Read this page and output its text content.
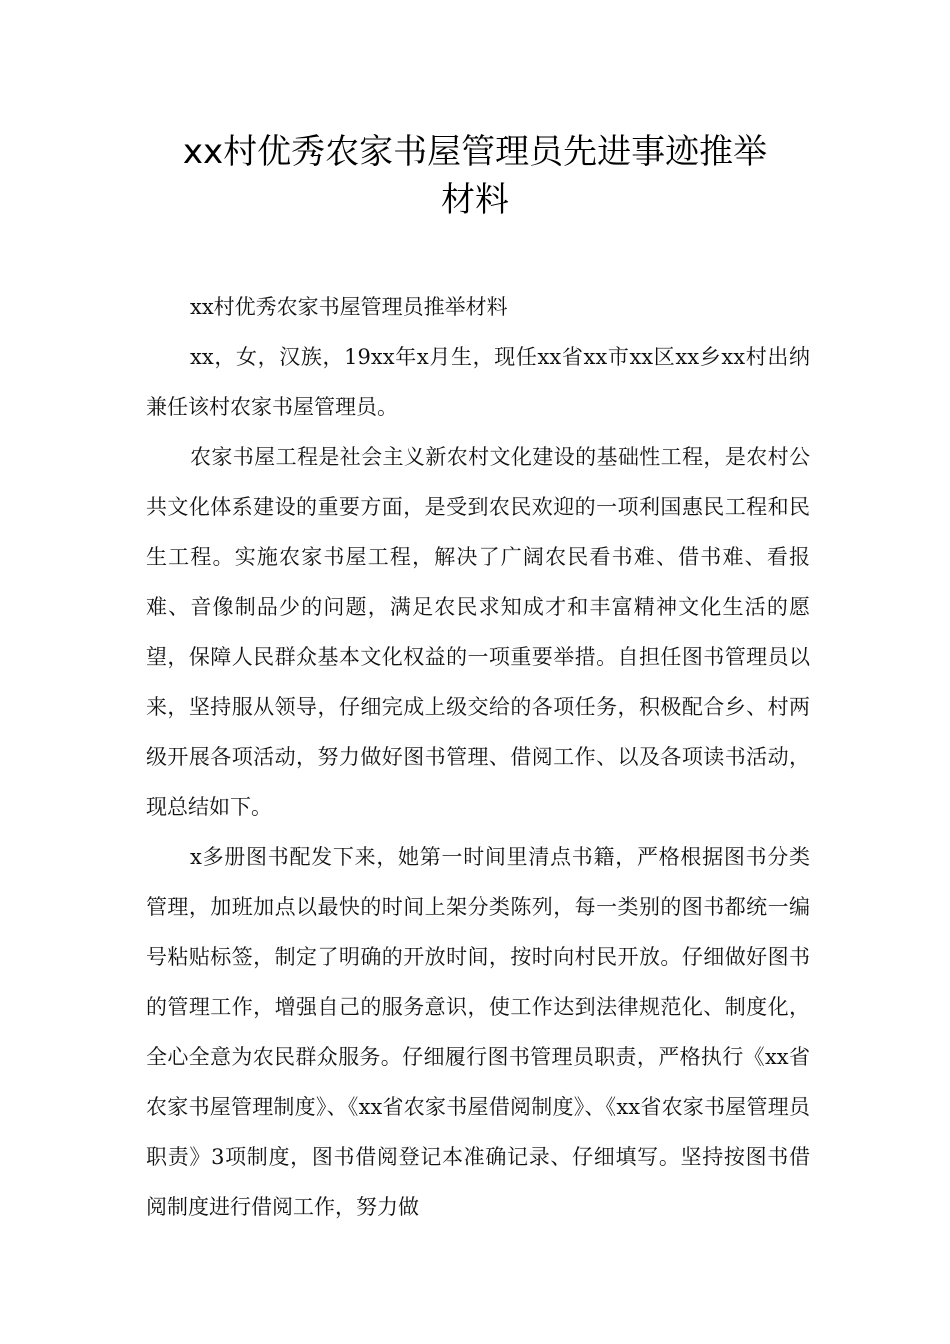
xx村优秀农家书屋管理员先进事迹推举
材料

xx村优秀农家书屋管理员推举材料

xx，女，汉族，19xx年x月生，现任xx省xx市xx区xx乡xx村出纳兼任该村农家书屋管理员。

农家书屋工程是社会主义新农村文化建设的基础性工程，是农村公共文化体系建设的重要方面，是受到农民欢迎的一项利国惠民工程和民生工程。实施农家书屋工程，解决了广阔农民看书难、借书难、看报难、音像制品少的问题，满足农民求知成才和丰富精神文化生活的愿望，保障人民群众基本文化权益的一项重要举措。自担任图书管理员以来，坚持服从领导，仔细完成上级交给的各项任务，积极配合乡、村两级开展各项活动，努力做好图书管理、借阅工作、以及各项读书活动，现总结如下。

x多册图书配发下来，她第一时间里清点书籍，严格根据图书分类管理，加班加点以最快的时间上架分类陈列，每一类别的图书都统一编号粘贴标签，制定了明确的开放时间，按时向村民开放。仔细做好图书的管理工作，增强自己的服务意识，使工作达到法律规范化、制度化，全心全意为农民群众服务。仔细履行图书管理员职责，严格执行《xx省农家书屋管理制度》、《xx省农家书屋借阅制度》、《xx省农家书屋管理员职责》3项制度，图书借阅登记本准确记录、仔细填写。坚持按图书借阅制度进行借阅工作，努力做
